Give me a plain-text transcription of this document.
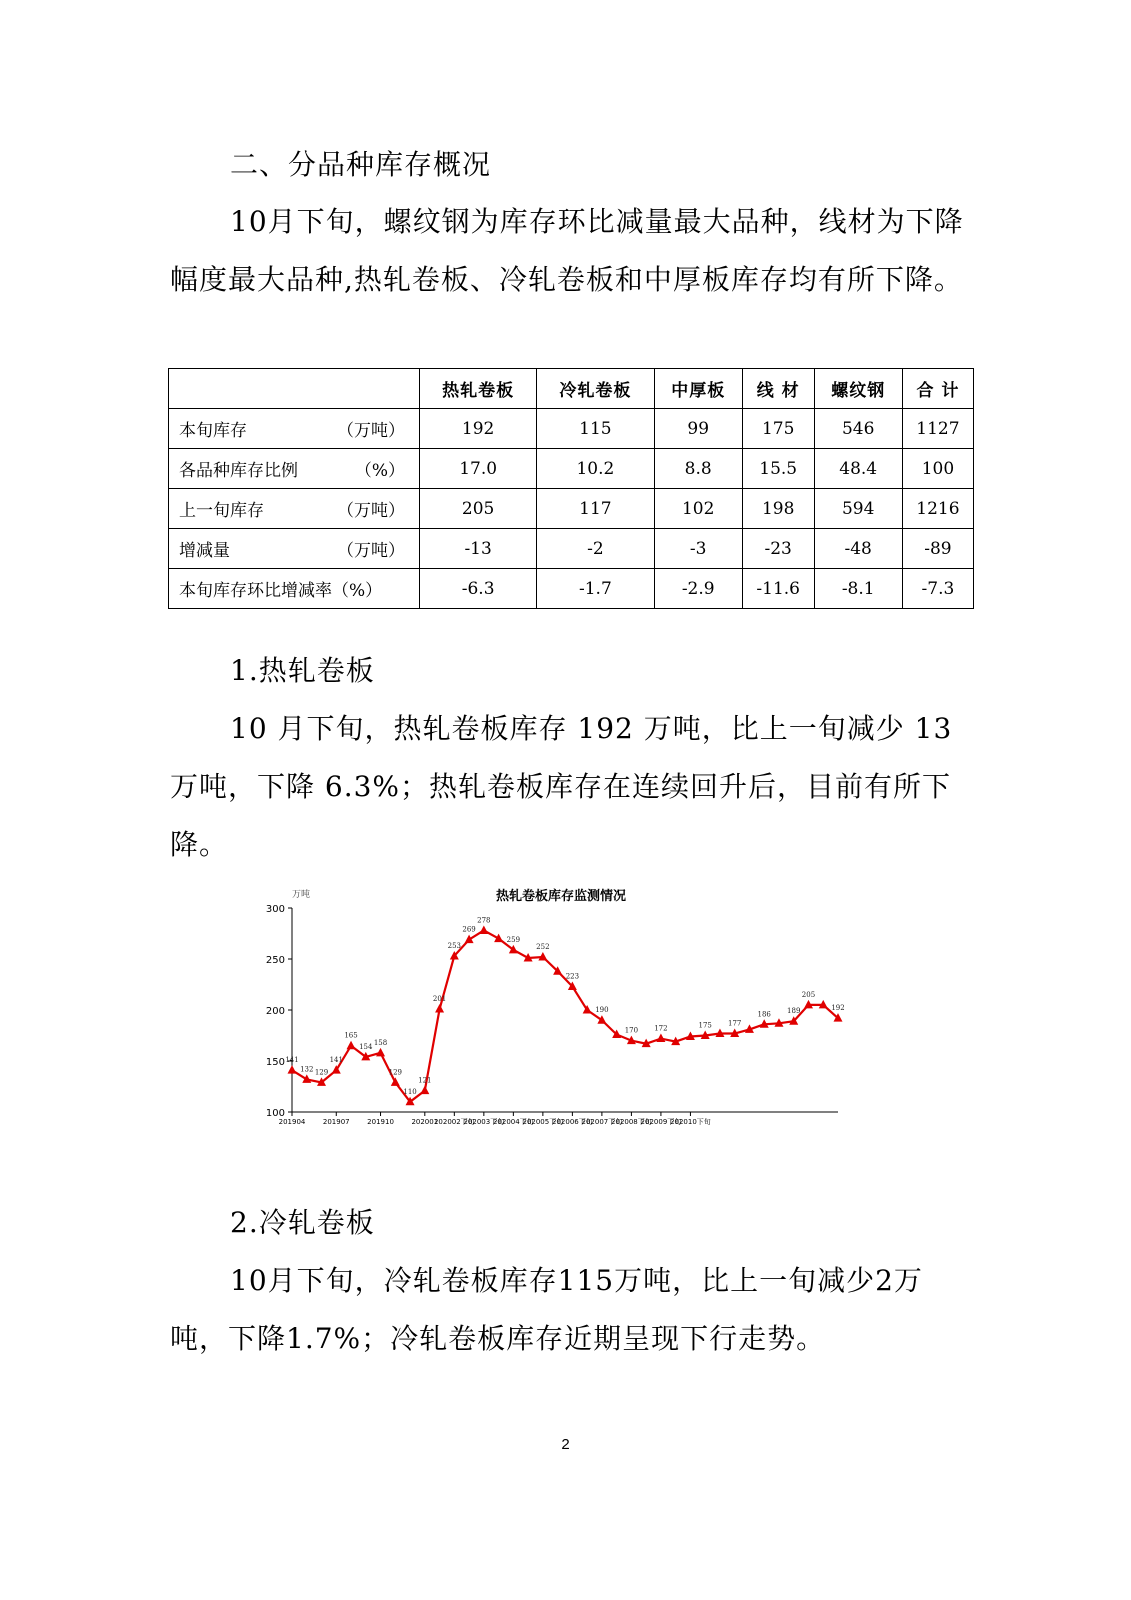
二、分品种库存概况
10月下旬，螺纹钢为库存环比减量最大品种，线材为下降幅度最大品种,热轧卷板、冷轧卷板和中厚板库存均有所下降。
	热轧卷板	冷轧卷板	中厚板	线 材	螺纹钢	合 计
本旬库存 （万吨）	192	115	99	175	546	1127
各品种库存比例 （%）	17.0	10.2	8.8	15.5	48.4	100
上一旬库存 （万吨）	205	117	102	198	594	1216
增减量 （万吨）	-13	-2	-3	-23	-48	-89
本旬库存环比增减率（%）	-6.3	-1.7	-2.9	-11.6	-8.1	-7.3
1.热轧卷板
10 月下旬，热轧卷板库存 192 万吨，比上一旬减少 13 万吨，下降 6.3%；热轧卷板库存在连续回升后，目前有所下降。
热轧卷板库存监测情况
万吨
100
150
200
250
300
201904	201907	201910	202001
202002下旬
202003下旬
202004下旬
202005下旬
202006下旬
202007下旬
202008下旬
202009下旬
202010下旬
141
132 129
141
165
154
158
129
110
121
201
253
269
278
259
252
223
190
170 172	175 177
186 189
205
192
2.冷轧卷板
10月下旬，冷轧卷板库存115万吨，比上一旬减少2万吨，下降1.7%；冷轧卷板库存近期呈现下行走势。
2
